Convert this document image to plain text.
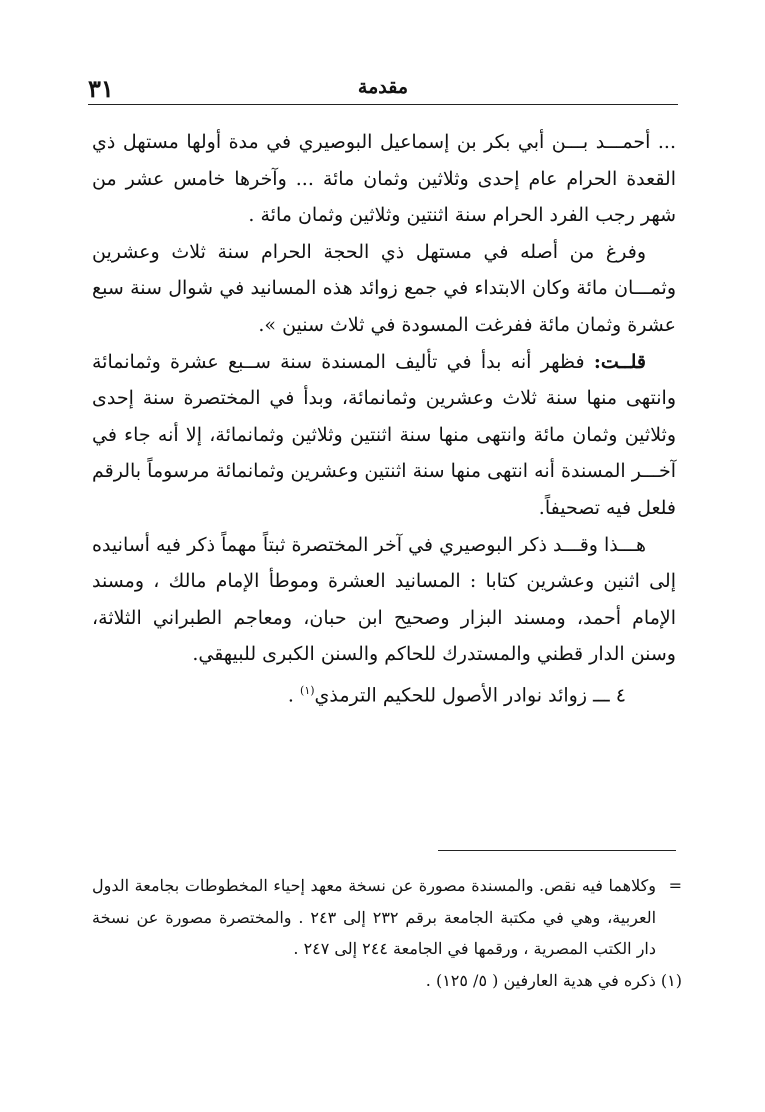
٣١	مقدمة

... أحمـــد بـــن أبي بكر بن إسماعيل البوصيري في مدة أولها مستهل ذي القعدة الحرام عام إحدى وثلاثين وثمان مائة ... وآخرها خامس عشر من شهر رجب الفرد الحرام سنة اثنتين وثلاثين وثمان مائة .

وفرغ من أصله في مستهل ذي الحجة الحرام سنة ثلاث وعشرين وثمـــان مائة وكان الابتداء في جمع زوائد هذه المسانيد في شوال سنة سبع عشرة وثمان مائة ففرغت المسودة في ثلاث سنين ».

قلــت: فظهر أنه بدأ في تأليف المسندة سنة ســبع عشرة وثمانمائة وانتهى منها سنة ثلاث وعشرين وثمانمائة، وبدأ في المختصرة سنة إحدى وثلاثين وثمان مائة وانتهى منها سنة اثنتين وثلاثين وثمانمائة، إلا أنه جاء في آخـــر المسندة أنه انتهى منها سنة اثنتين وعشرين وثمانمائة مرسوماً بالرقم فلعل فيه تصحيفاً.

هـــذا وقـــد ذكر البوصيري في آخر المختصرة ثبتاً مهماً ذكر فيه أسانيده إلى اثنين وعشرين كتابا : المسانيد العشرة وموطأ الإمام مالك ، ومسند الإمام أحمد، ومسند البزار وصحيح ابن حبان، ومعاجم الطبراني الثلاثة، وسنن الدار قطني والمستدرك للحاكم والسنن الكبرى للبيهقي.

٤ ـــ زوائد نوادر الأصول للحكيم الترمذي$^{(١)}$ .

=
وكلاهما فيه نقص. والمسندة مصورة عن نسخة معهد إحياء المخطوطات بجامعة الدول العربية، وهي في مكتبة الجامعة برقم ٢٣٢ إلى ٢٤٣ . والمختصرة مصورة عن نسخة دار الكتب المصرية ، ورقمها في الجامعة ٢٤٤ إلى ٢٤٧ .

(١) ذكره في هدية العارفين ( ٥/ ١٢٥) .
